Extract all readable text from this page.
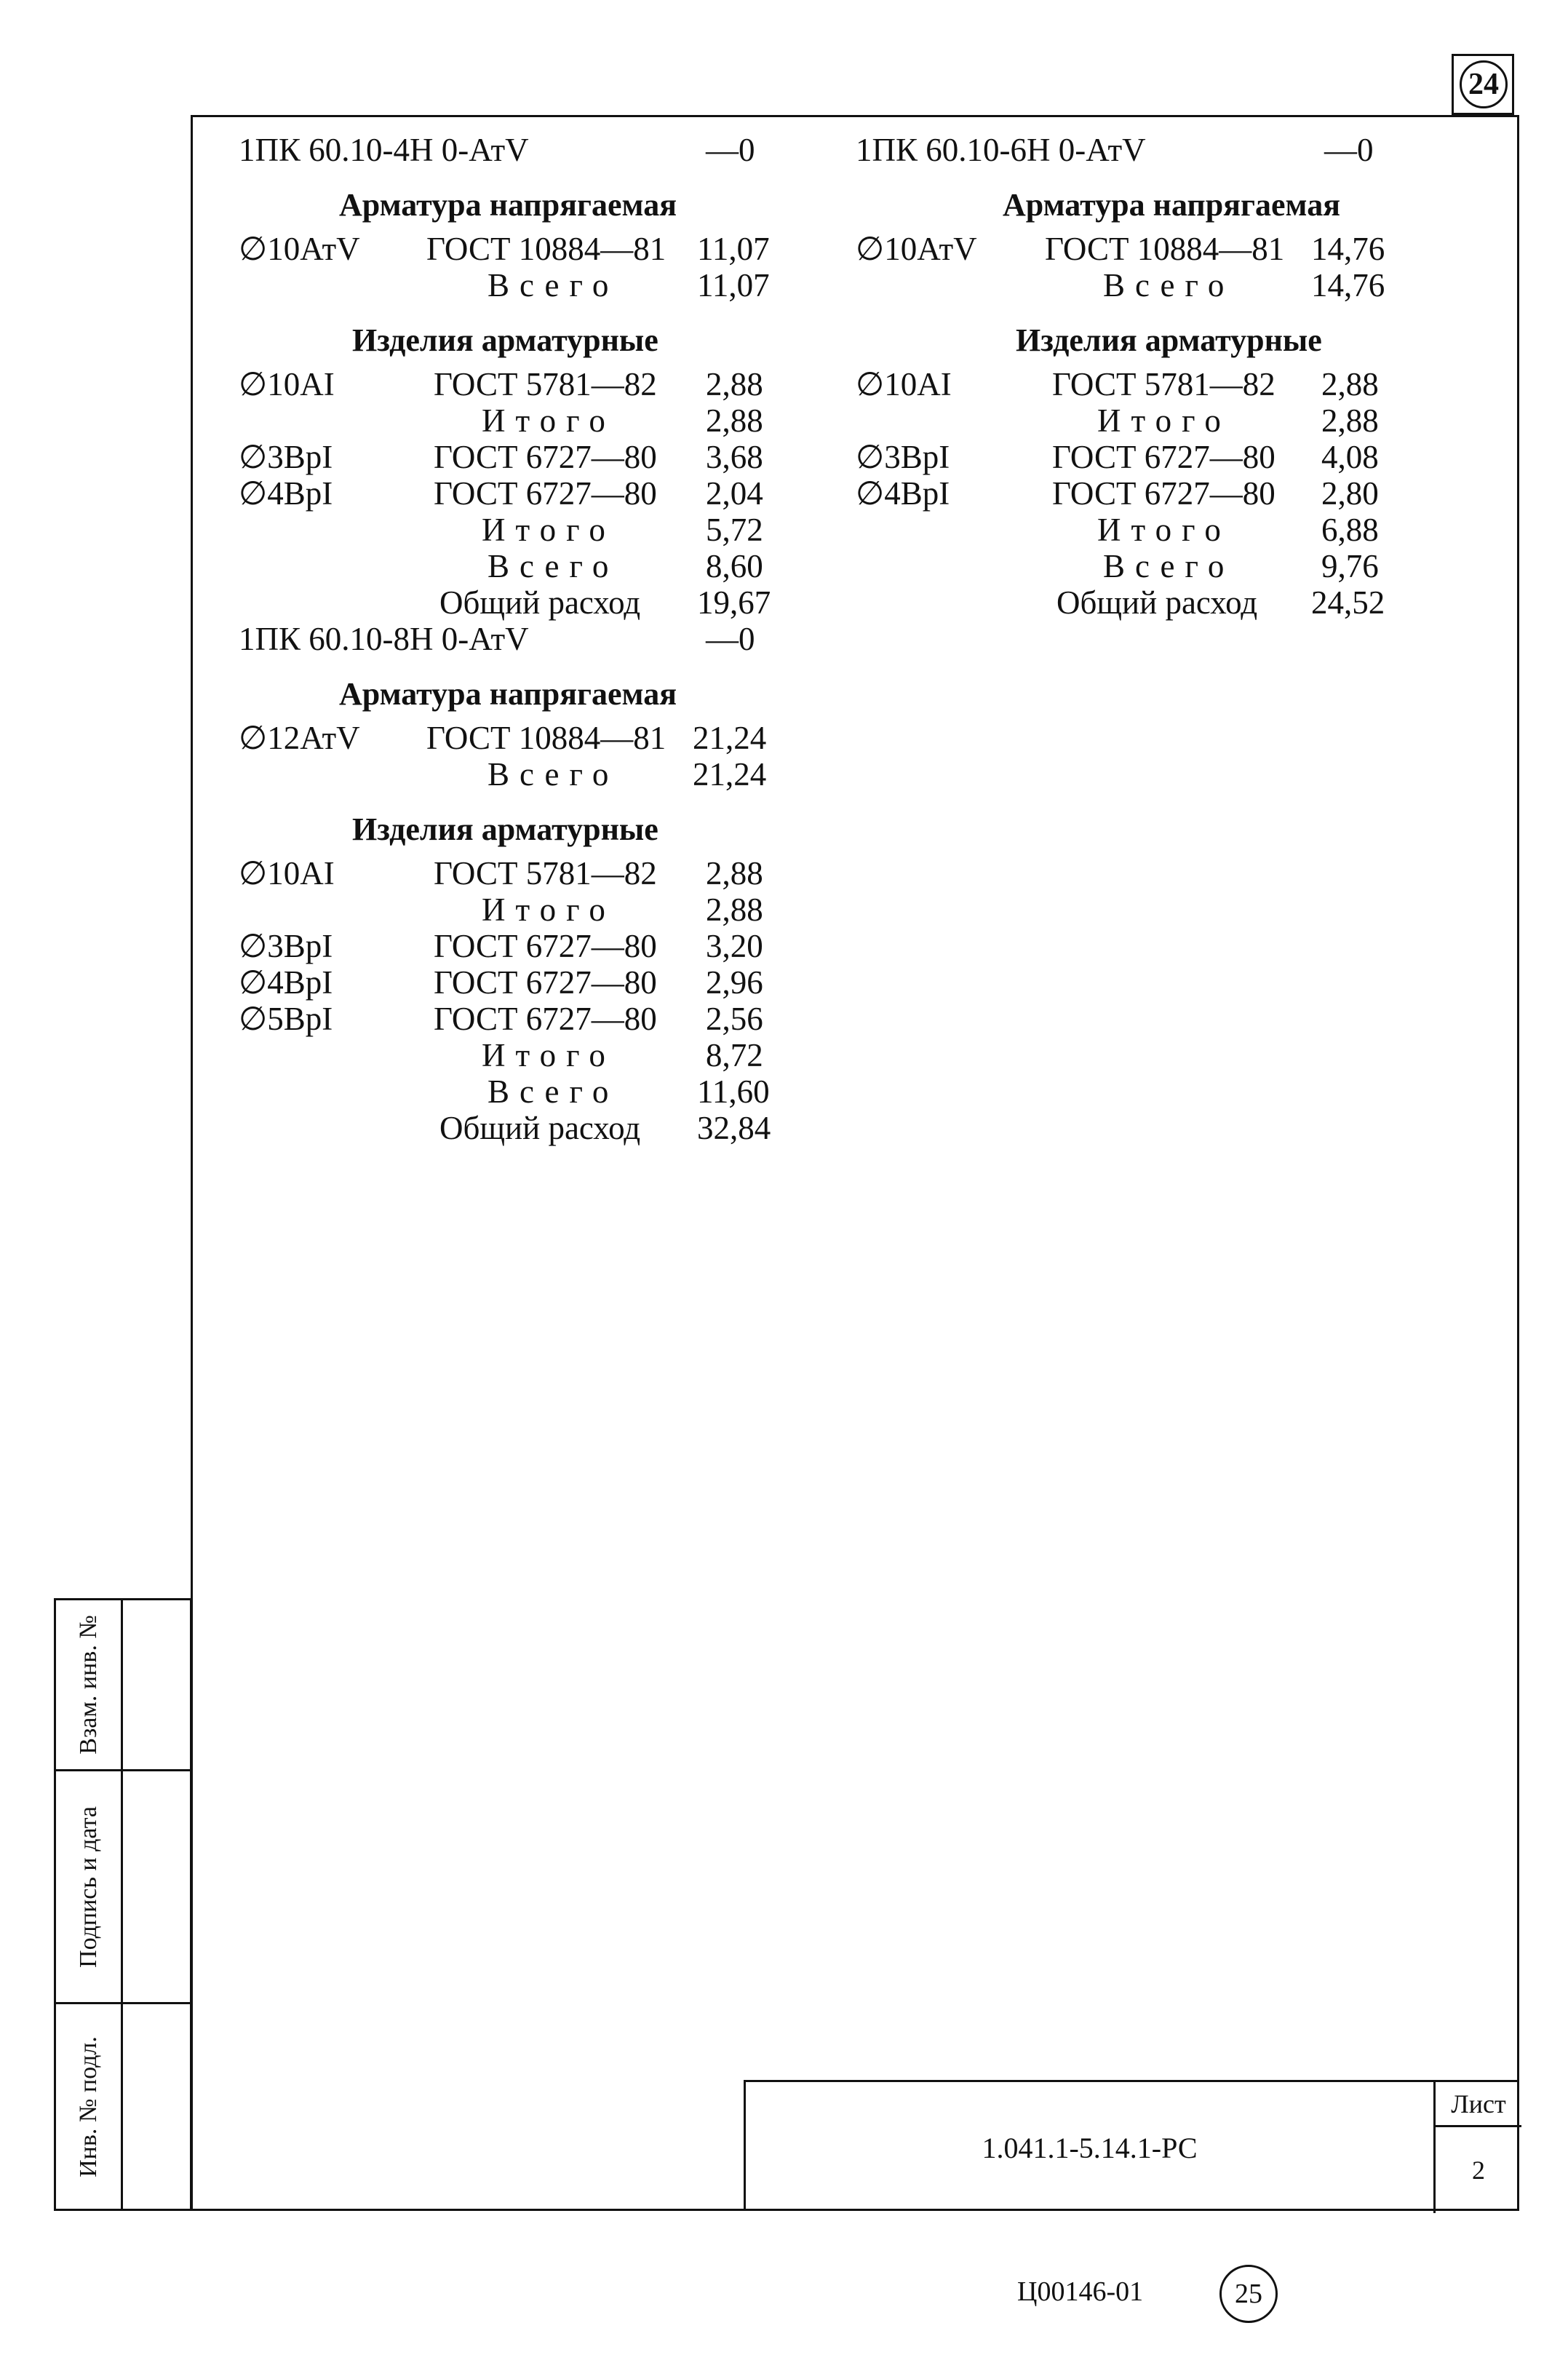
24
1ПК 60.10-4Н 0-АтV	—0
Арматура напрягаемая
∅10АтV ГОСТ 10884—81 11,07
Всего 11,07
Изделия арматурные
∅10AI	ГОСТ 5781—82 2,88
Итого	2,88
∅3ВрI	ГОСТ 6727—80 3,68
∅4ВрI	ГОСТ 6727—80 2,04
Итого	5,72
Всего	8,60
Общий расход 19,67
1ПК 60.10-8Н 0-АтV	—0
Арматура напрягаемая
∅12АтV ГОСТ 10884—81 21,24
Всего 21,24
Изделия арматурные
∅10AI	ГОСТ 5781—82 2,88
Итого	2,88
∅3ВрI	ГОСТ 6727—80 3,20
∅4ВрI	ГОСТ 6727—80 2,96
∅5ВрI	ГОСТ 6727—80 2,56
Итого	8,72
Всего 11,60
Общий расход 32,84
1ПК 60.10-6Н 0-АтV	—0
Арматура напрягаемая
∅10АтV ГОСТ 10884—81 14,76
Всего 14,76
Изделия арматурные
∅10AI	ГОСТ 5781—82 2,88
Итого	2,88
∅3ВрI	ГОСТ 6727—80 4,08
∅4ВрI	ГОСТ 6727—80 2,80
Итого	6,88
Всего	9,76
Общий расход 24,52
Взам. инв. №
Подпись и дата
Инв. № подл.	1.041.1-5.14.1-РС
Лист
2
Ц00146-01	25
